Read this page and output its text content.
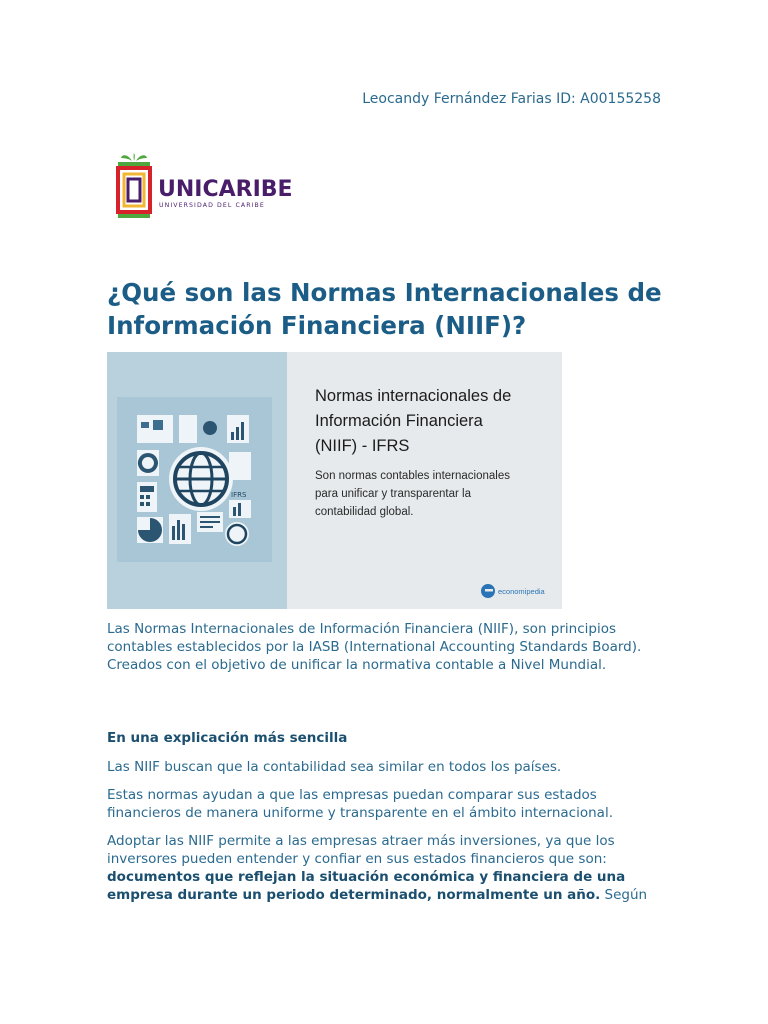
Leocandy Fernández Farias ID: A00155258
UNICARIBE
UNIVERSIDAD DEL CARIBE
¿Qué son las Normas Internacionales de Información Financiera (NIIF)?
IFRS
Normas internacionales de
Información Financiera
(NIIF) - IFRS
Son normas contables internacionales
para unificar y transparentar la
contabilidad global.
economipedia

Las Normas Internacionales de Información Financiera (NIIF), son principios contables establecidos por la IASB (International Accounting Standards Board). Creados con el objetivo de unificar la normativa contable a Nivel Mundial.

En una explicación más sencilla

Las NIIF buscan que la contabilidad sea similar en todos los países.

Estas normas ayudan a que las empresas puedan comparar sus estados financieros de manera uniforme y transparente en el ámbito internacional.

Adoptar las NIIF permite a las empresas atraer más inversiones, ya que los inversores pueden entender y confiar en sus estados financieros que son: documentos que reflejan la situación económica y financiera de una empresa durante un periodo determinado, normalmente un año. Según
